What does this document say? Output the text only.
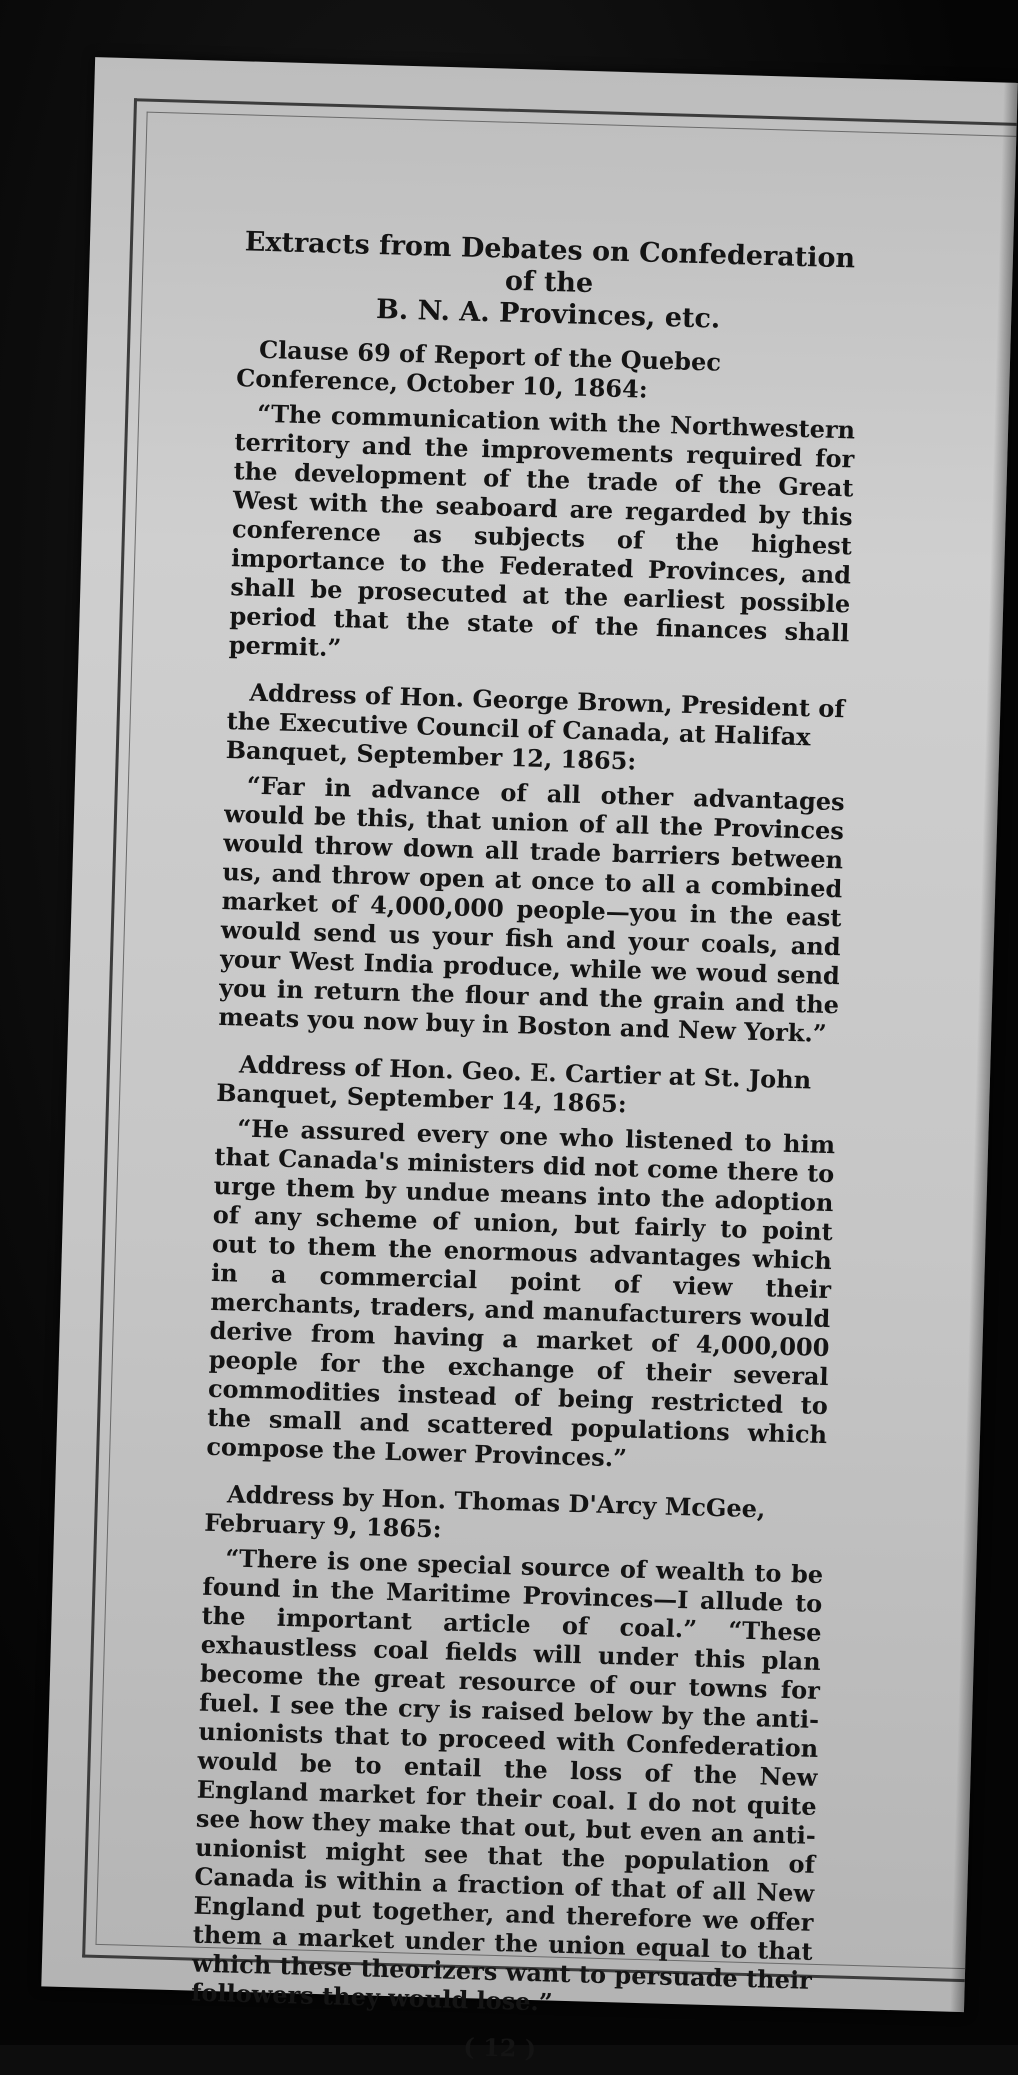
Extracts from Debates on Confederation of the
B. N. A. Provinces, etc.

Clause 69 of Report of the Quebec Conference, October 10, 1864:

“The communication with the Northwestern territory and the improvements required for the development of the trade of the Great West with the seaboard are regarded by this conference as subjects of the highest importance to the Federated Provinces, and shall be prosecuted at the earliest possible period that the state of the finances shall permit.”

Address of Hon. George Brown, President of the Executive Council of Canada, at Halifax Banquet, September 12, 1865:

“Far in advance of all other advantages would be this, that union of all the Provinces would throw down all trade barriers between us, and throw open at once to all a combined market of 4,000,000 people—you in the east would send us your fish and your coals, and your West India produce, while we woud send you in return the flour and the grain and the meats you now buy in Boston and New York.”

Address of Hon. Geo. E. Cartier at St. John Banquet, September 14, 1865:

“He assured every one who listened to him that Canada's ministers did not come there to urge them by undue means into the adoption of any scheme of union, but fairly to point out to them the enormous advantages which in a commercial point of view their merchants, traders, and manufacturers would derive from having a market of 4,000,000 people for the exchange of their several commodities instead of being restricted to the small and scattered populations which compose the Lower Provinces.”

Address by Hon. Thomas D'Arcy McGee, February 9, 1865:

“There is one special source of wealth to be found in the Maritime Provinces—I allude to the important article of coal.” “These exhaustless coal fields will under this plan become the great resource of our towns for fuel. I see the cry is raised below by the anti-unionists that to proceed with Confederation would be to entail the loss of the New England market for their coal. I do not quite see how they make that out, but even an anti-unionist might see that the population of Canada is within a fraction of that of all New England put together, and therefore we offer them a market under the union equal to that which these theorizers want to persuade their followers they would lose.”

( 12 )
